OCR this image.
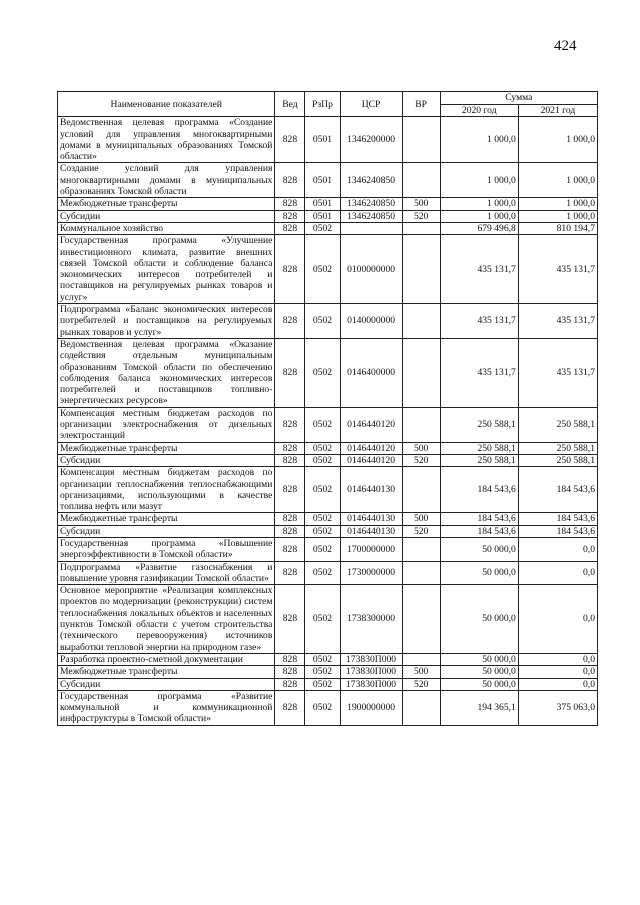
424
Наименование показателей	Вед	РзПр	ЦСР	ВР	Сумма	
					2020 год	2021 год
Ведомственная целевая программа «Создание условий для управления многоквартирными домами в муниципальных образованиях Томской области»	828	0501	1346200000		1 000,0	1 000,0
Создание условий для управления многоквартирными домами в муниципальных образованиях Томской области	828	0501	1346240850		1 000,0	1 000,0
Межбюджетные трансферты	828	0501	1346240850	500	1 000,0	1 000,0
Субсидии	828	0501	1346240850	520	1 000,0	1 000,0
Коммунальное хозяйство	828	0502			679 496,8	810 194,7
Государственная программа «Улучшение инвестиционного климата, развитие внешних связей Томской области и соблюдение баланса экономических интересов потребителей и поставщиков на регулируемых рынках товаров и услуг»	828	0502	0100000000		435 131,7	435 131,7
Подпрограмма «Баланс экономических интересов потребителей и поставщиков на регулируемых рынках товаров и услуг»	828	0502	0140000000		435 131,7	435 131,7
Ведомственная целевая программа «Оказание содействия отдельным муниципальным образованиям Томской области по обеспечению соблюдения баланса экономических интересов потребителей и поставщиков топливно-энергетических ресурсов»	828	0502	0146400000		435 131,7	435 131,7
Компенсация местным бюджетам расходов по организации электроснабжения от дизельных электростанций	828	0502	0146440120		250 588,1	250 588,1
Межбюджетные трансферты	828	0502	0146440120	500	250 588,1	250 588,1
Субсидии	828	0502	0146440120	520	250 588,1	250 588,1
Компенсация местным бюджетам расходов по организации теплоснабжения теплоснабжающими организациями, использующими в качестве топлива нефть или мазут	828	0502	0146440130		184 543,6	184 543,6
Межбюджетные трансферты	828	0502	0146440130	500	184 543,6	184 543,6
Субсидии	828	0502	0146440130	520	184 543,6	184 543,6
Государственная программа «Повышение энергоэффективности в Томской области»	828	0502	1700000000		50 000,0	0,0
Подпрограмма «Развитие газоснабжения и повышение уровня газификации Томской области»	828	0502	1730000000		50 000,0	0,0
Основное мероприятие «Реализация комплексных проектов по модернизации (реконструкции) систем теплоснабжения локальных объектов и населенных пунктов Томской области с учетом строительства (технического перевооружения) источников выработки тепловой энергии на природном газе»	828	0502	1738300000		50 000,0	0,0
Разработка проектно-сметной документации	828	0502	173830П000		50 000,0	0,0
Межбюджетные трансферты	828	0502	173830П000	500	50 000,0	0,0
Субсидии	828	0502	173830П000	520	50 000,0	0,0
Государственная программа «Развитие коммунальной и коммуникационной инфраструктуры в Томской области»	828	0502	1900000000		194 365,1	375 063,0
